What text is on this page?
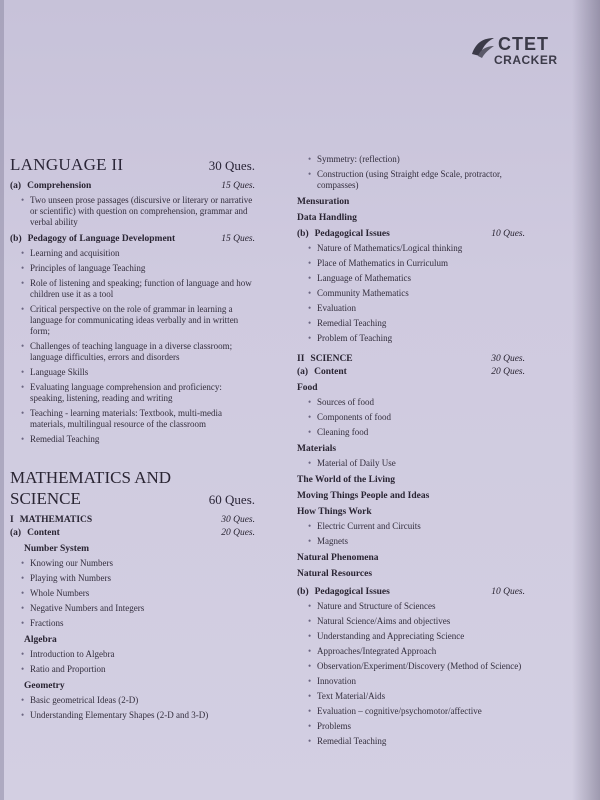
CTET
CRACKER
LANGUAGE II	30 Ques.
(a) Comprehension	15 Ques.
• Two unseen prose passages (discursive or literary or narrative or scientific) with question on comprehension, grammar and verbal ability
(b) Pedagogy of Language Development	15 Ques.
• Learning and acquisition
• Principles of language Teaching
• Role of listening and speaking; function of language and how children use it as a tool
• Critical perspective on the role of grammar in learning a language for communicating ideas verbally and in written form;
• Challenges of teaching language in a diverse classroom; language difficulties, errors and disorders
• Language Skills
• Evaluating language comprehension and proficiency: speaking, listening, reading and writing
• Teaching - learning materials: Textbook, multi-media materials, multilingual resource of the classroom
• Remedial Teaching
MATHEMATICS AND
SCIENCE	60 Ques.
I MATHEMATICS	30 Ques.
(a) Content	20 Ques.
Number System
• Knowing our Numbers
• Playing with Numbers
• Whole Numbers
• Negative Numbers and Integers
• Fractions
Algebra
• Introduction to Algebra
• Ratio and Proportion
Geometry
• Basic geometrical Ideas (2-D)
• Understanding Elementary Shapes (2-D and 3-D)
• Symmetry: (reflection)
• Construction (using Straight edge Scale, protractor, compasses)
Mensuration
Data Handling
(b) Pedagogical Issues	10 Ques.
• Nature of Mathematics/Logical thinking
• Place of Mathematics in Curriculum
• Language of Mathematics
• Community Mathematics
• Evaluation
• Remedial Teaching
• Problem of Teaching
II SCIENCE	30 Ques.
(a) Content	20 Ques.
Food
• Sources of food
• Components of food
• Cleaning food
Materials
• Material of Daily Use
The World of the Living
Moving Things People and Ideas
How Things Work
• Electric Current and Circuits
• Magnets
Natural Phenomena
Natural Resources
(b) Pedagogical Issues	10 Ques.
• Nature and Structure of Sciences
• Natural Science/Aims and objectives
• Understanding and Appreciating Science
• Approaches/Integrated Approach
• Observation/Experiment/Discovery (Method of Science)
• Innovation
• Text Material/Aids
• Evaluation – cognitive/psychomotor/affective
• Problems
• Remedial Teaching
